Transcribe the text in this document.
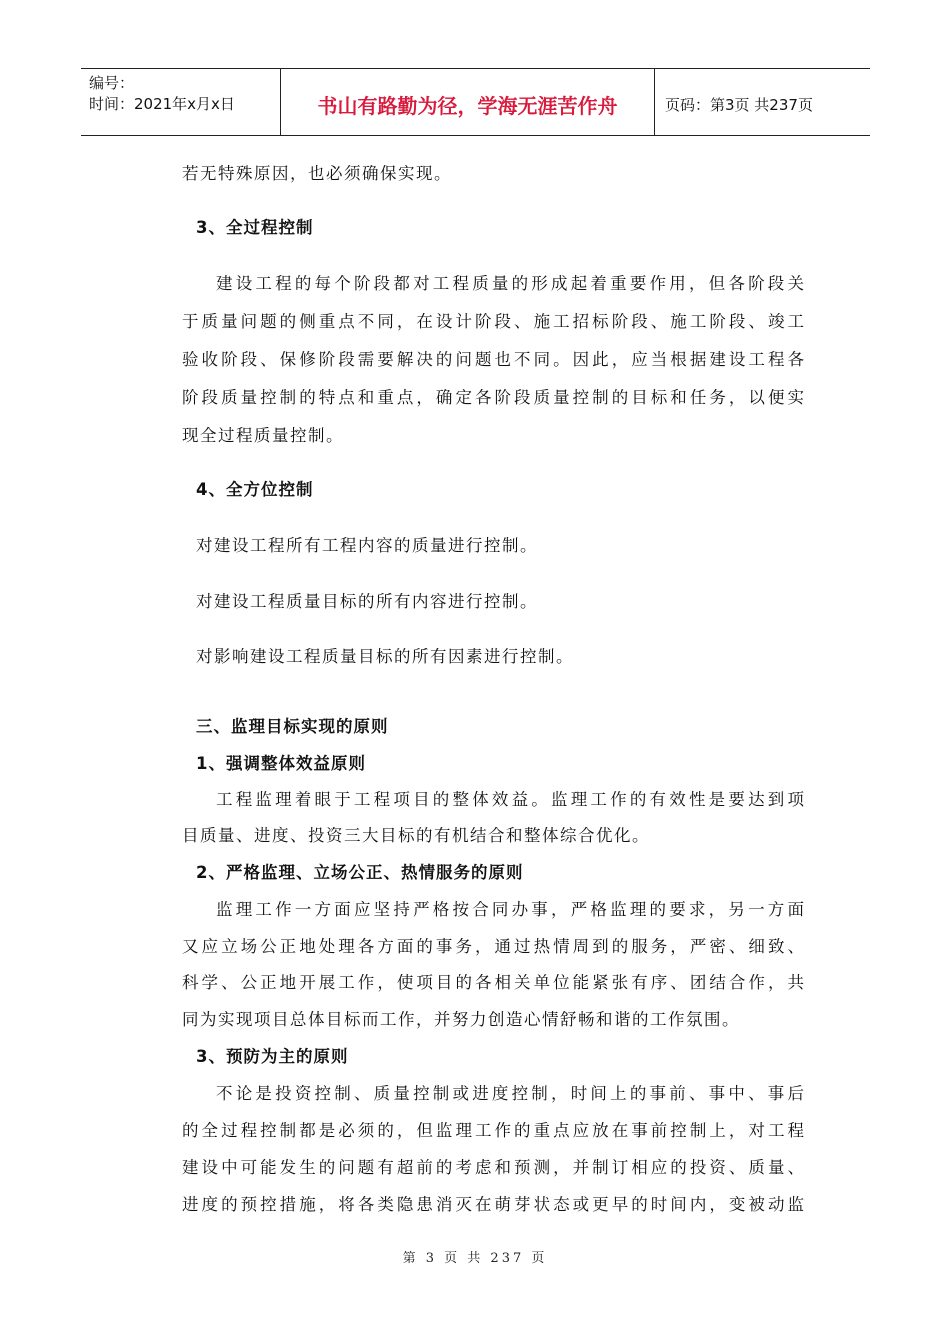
编号：
时间：2021年x月x日	书山有路勤为径，学海无涯苦作舟	页码：第3页 共237页
若无特殊原因，也必须确保实现。
3、全过程控制
建设工程的每个阶段都对工程质量的形成起着重要作用，但各阶段关
于质量问题的侧重点不同，在设计阶段、施工招标阶段、施工阶段、竣工
验收阶段、保修阶段需要解决的问题也不同。因此，应当根据建设工程各
阶段质量控制的特点和重点，确定各阶段质量控制的目标和任务，以便实
现全过程质量控制。
4、全方位控制
对建设工程所有工程内容的质量进行控制。
对建设工程质量目标的所有内容进行控制。
对影响建设工程质量目标的所有因素进行控制。
三、监理目标实现的原则
1、强调整体效益原则
工程监理着眼于工程项目的整体效益。监理工作的有效性是要达到项
目质量、进度、投资三大目标的有机结合和整体综合优化。
2、严格监理、立场公正、热情服务的原则
监理工作一方面应坚持严格按合同办事，严格监理的要求，另一方面
又应立场公正地处理各方面的事务，通过热情周到的服务，严密、细致、
科学、公正地开展工作，使项目的各相关单位能紧张有序、团结合作，共
同为实现项目总体目标而工作，并努力创造心情舒畅和谐的工作氛围。
3、预防为主的原则
不论是投资控制、质量控制或进度控制，时间上的事前、事中、事后
的全过程控制都是必须的，但监理工作的重点应放在事前控制上，对工程
建设中可能发生的问题有超前的考虑和预测，并制订相应的投资、质量、
进度的预控措施，将各类隐患消灭在萌芽状态或更早的时间内，变被动监
第 3 页 共 237 页
